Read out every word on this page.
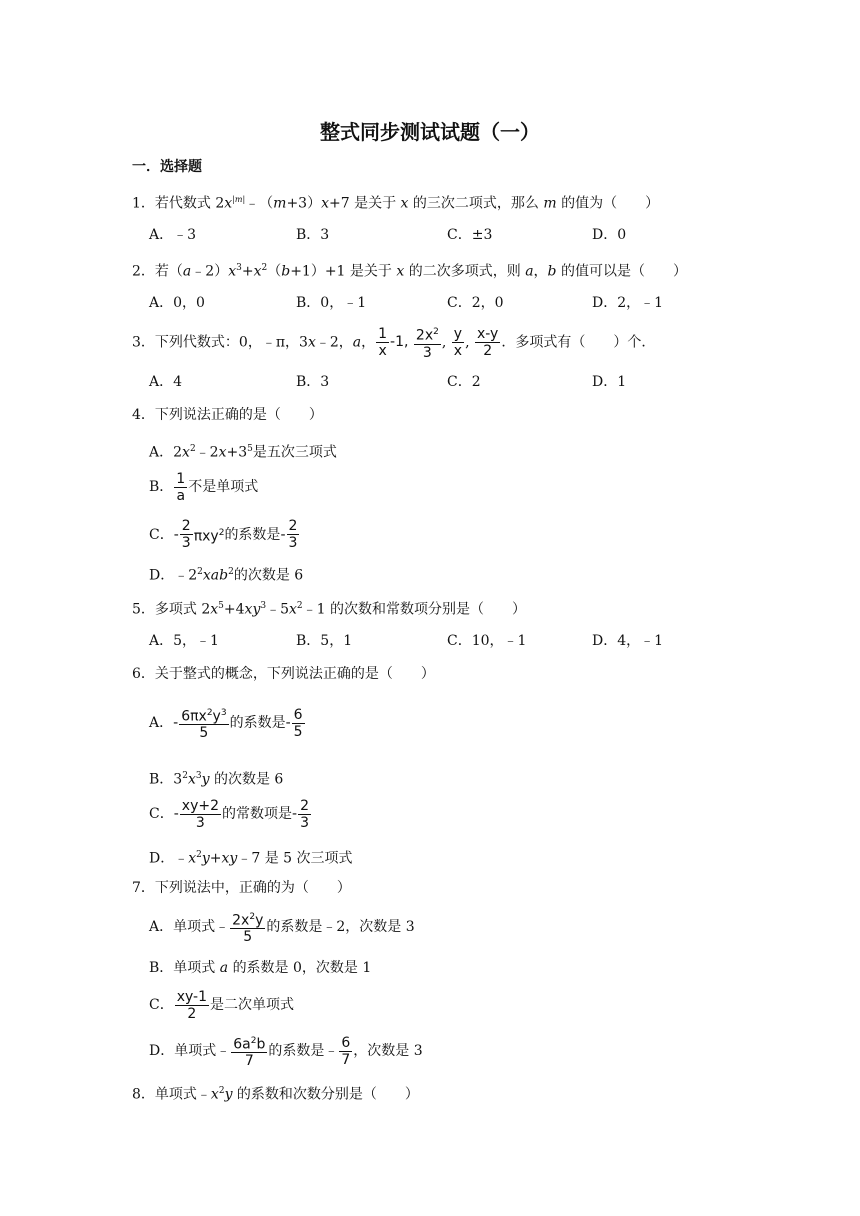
整式同步测试试题（一）
一．选择题
1．若代数式 $2x^{|m|}﹣(m+3)x+7$ 是关于 x 的三次二项式，那么 m 的值为（　　）
A．﹣3	B．3	C．±3	D．0
2．若$(a﹣2)x^3+x^2(b+1)+1$ 是关于 x 的二次多项式，则 a，b 的值可以是（　　）
A．0，0	B．0，﹣1	C．2，0	D．2，﹣1
3．下列代数式：0，﹣π，3x﹣2，a， $\frac{1}{x} -1$, $\frac{2x^2}{3}$ , $\frac{y}{x}$ , $\frac{x-y}{2}$ ．多项式有（　　）个．
A．4	B．3	C．2	D．1
4．下列说法正确的是（　　）
A．$2x^2﹣2x+3^5$是五次三项式
B． $\frac{1}{a}$ 不是单项式
C．- $\frac{2}{3} \pi xy^2$的系数是- $\frac{2}{3}$
D．$﹣2^2xab^2$的次数是 6
5．多项式 $2x^5+4xy^3﹣5x^2﹣1$ 的次数和常数项分别是（　　）
A．5，﹣1	B．5，1	C．10，﹣1	D．4，﹣1
6．关于整式的概念，下列说法正确的是（　　）
A．- $\frac{6\pi x^2y^3}{5}$ 的系数是- $\frac{6}{5}$
B．$3^2x^3y$ 的次数是 6
C．- $\frac{xy+2}{3}$ 的常数项是- $\frac{2}{3}$
D．$﹣x^2y+xy﹣7$ 是 5 次三项式
7．下列说法中，正确的为（　　）
A．单项式﹣ $\frac{2x^2y}{5}$ 的系数是﹣2，次数是 3
B．单项式 a 的系数是 0，次数是 1
C． $\frac{xy-1}{2}$ 是二次单项式
D．单项式﹣ $\frac{6a^2b}{7}$ 的系数是﹣ $\frac{6}{7}$ ，次数是 3
8．单项式$﹣x^2y$ 的系数和次数分别是（　　）
